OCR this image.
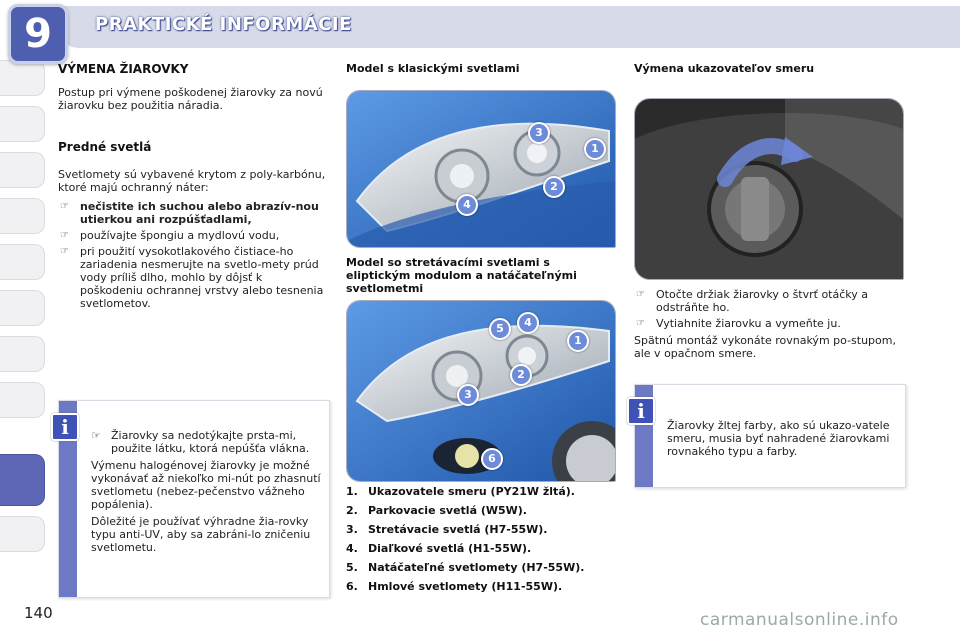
9	PRAKTICKÉ INFORMÁCIE
VÝMENA ŽIAROVKY

Postup pri výmene poškodenej žiarovky za novú žiarovku bez použitia náradia.

Predné svetlá

Svetlomety sú vybavené krytom z poly-karbónu, ktoré majú ochranný náter:

☞ nečistite ich suchou alebo abrazív-nou utierkou ani rozpúšťadlami,
☞ používajte špongiu a mydlovú vodu,
☞ pri použití vysokotlakového čistiace-ho zariadenia nesmerujte na svetlo-mety prúd vody príliš dlho, mohlo by dôjsť k poškodeniu ochrannej vrstvy alebo tesnenia svetlometov.
i	☞ Žiarovky sa nedotýkajte prsta-mi, použite látku, ktorá nepúšťa vlákna.

Výmenu halogénovej žiarovky je možné vykonávať až niekoľko mi-nút po zhasnutí svetlometu (nebez-pečenstvo vážneho popálenia).

Dôležité je používať výhradne žia-rovky typu anti-UV, aby sa zabráni-lo zničeniu svetlometu.

Model s klasickými svetlami

3
1
2
4

Model so stretávacími svetlami s eliptickým modulom a natáčateľnými svetlometmi

5	4
1
2
3
6
1. Ukazovatele smeru (PY21W žltá).
2. Parkovacie svetlá (W5W).
3. Stretávacie svetlá (H7-55W).
4. Diaľkové svetlá (H1-55W).
5. Natáčateľné svetlomety (H7-55W).
6. Hmlové svetlomety (H11-55W).

Výmena ukazovateľov smeru

☞ Otočte držiak žiarovky o štvrť otáčky a odstráňte ho.
☞ Vytiahnite žiarovku a vymeňte ju.

Spätnú montáž vykonáte rovnakým po-stupom, ale v opačnom smere.

i
Žiarovky žltej farby, ako sú ukazo-vatele smeru, musia byť nahradené žiarovkami rovnakého typu a farby.
140	carmanualsonline.info
